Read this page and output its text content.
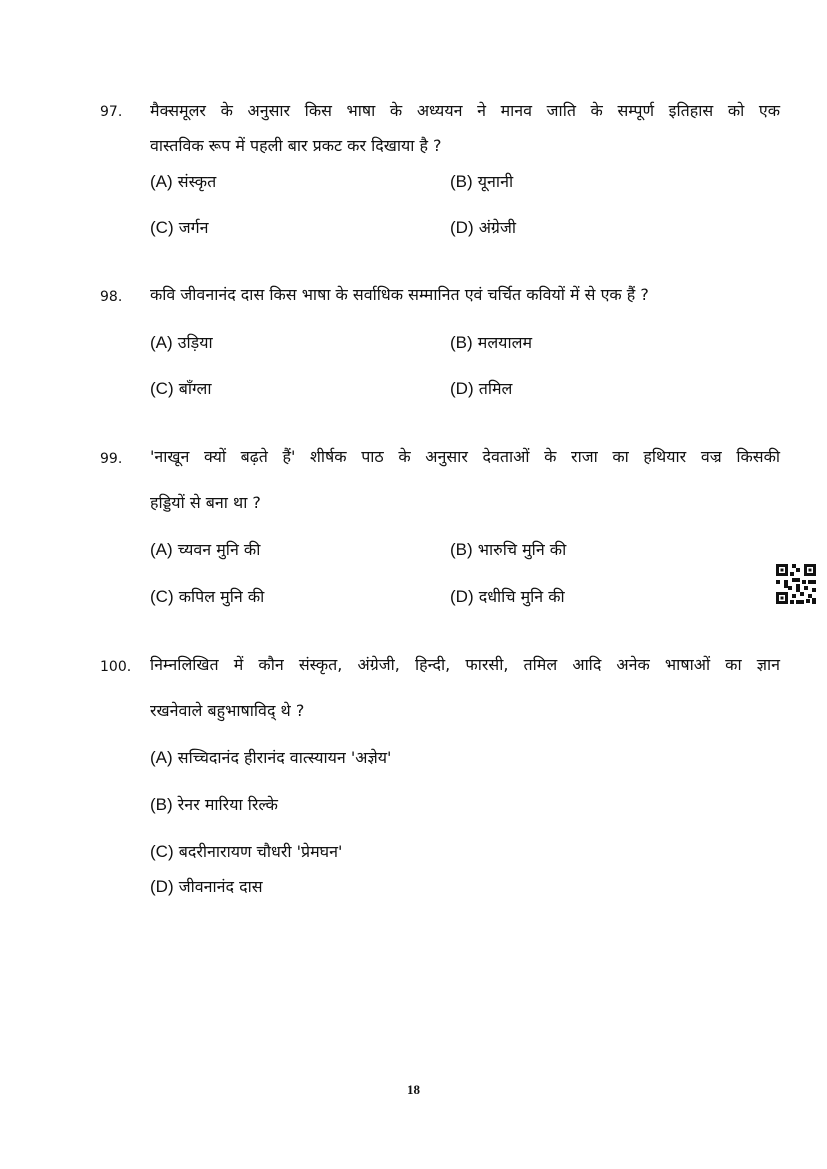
97. मैक्समूलर के अनुसार किस भाषा के अध्ययन ने मानव जाति के सम्पूर्ण इतिहास को एक
वास्तविक रूप में पहली बार प्रकट कर दिखाया है ?
(A) संस्कृत	(B) यूनानी
(C) जर्गन	(D) अंग्रेजी
98. कवि जीवनानंद दास किस भाषा के सर्वाधिक सम्मानित एवं चर्चित कवियों में से एक हैं ?
(A) उड़िया	(B) मलयालम
(C) बाँग्ला	(D) तमिल
99. 'नाखून क्यों बढ़ते हैं' शीर्षक पाठ के अनुसार देवताओं के राजा का हथियार वज्र किसकी
हड्डियों से बना था ?
(A) च्यवन मुनि की	(B) भारुचि मुनि की
(C) कपिल मुनि की	(D) दधीचि मुनि की
100. निम्नलिखित में कौन संस्कृत, अंग्रेजी, हिन्दी, फारसी, तमिल आदि अनेक भाषाओं का ज्ञान
रखनेवाले बहुभाषाविद् थे ?
(A) सच्चिदानंद हीरानंद वात्स्यायन 'अज्ञेय'
(B) रेनर मारिया रिल्के
(C) बदरीनारायण चौधरी 'प्रेमघन'
(D) जीवनानंद दास
18
